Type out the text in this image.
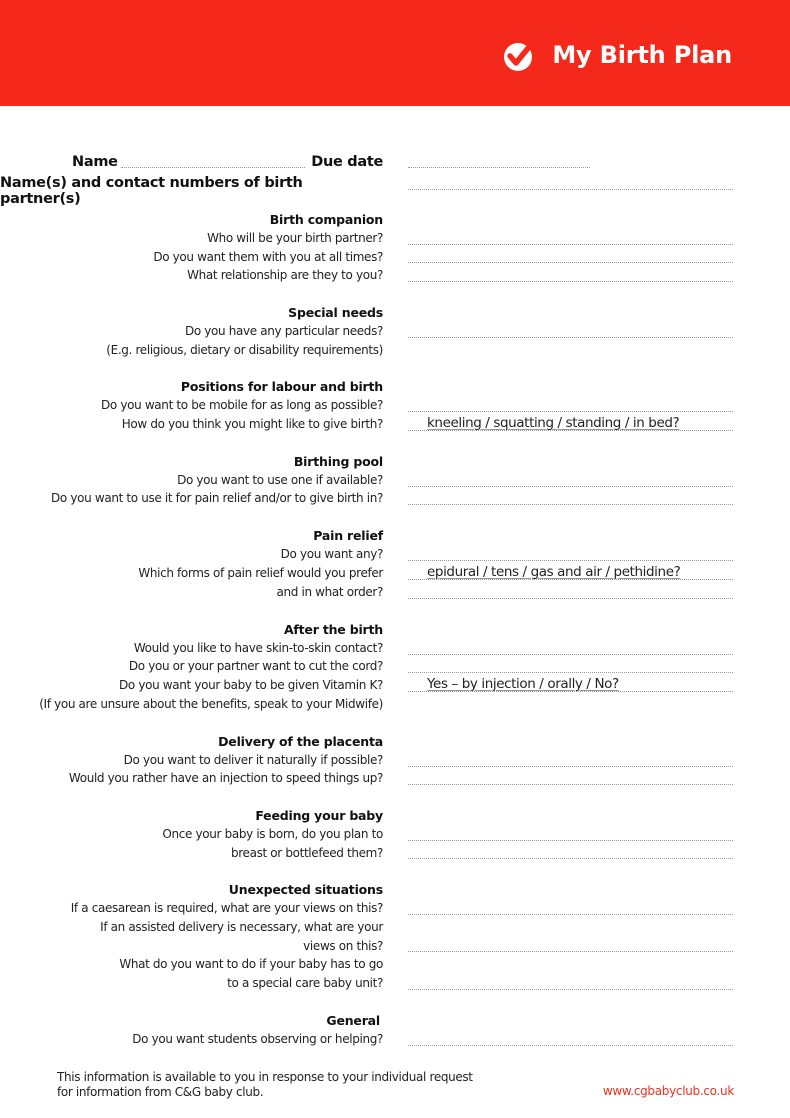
My Birth Plan
Name	Due date
Name(s) and contact numbers of birth partner(s)
Birth companion
Who will be your birth partner?
Do you want them with you at all times?
What relationship are they to you?
Special needs
Do you have any particular needs?
(E.g. religious, dietary or disability requirements)
Positions for labour and birth
Do you want to be mobile for as long as possible?
How do you think you might like to give birth?	kneeling / squatting / standing / in bed?
Birthing pool
Do you want to use one if available?
Do you want to use it for pain relief and/or to give birth in?
Pain relief
Do you want any?
Which forms of pain relief would you prefer	epidural / tens / gas and air / pethidine?
and in what order?
After the birth
Would you like to have skin-to-skin contact?
Do you or your partner want to cut the cord?
Do you want your baby to be given Vitamin K?	Yes – by injection / orally / No?
(If you are unsure about the benefits, speak to your Midwife)
Delivery of the placenta
Do you want to deliver it naturally if possible?
Would you rather have an injection to speed things up?
Feeding your baby
Once your baby is born, do you plan to
breast or bottlefeed them?
Unexpected situations
If a caesarean is required, what are your views on this?
If an assisted delivery is necessary, what are your
views on this?
What do you want to do if your baby has to go
to a special care baby unit?
General
Do you want students observing or helping?
This information is available to you in response to your individual request
for information from C&G baby club.	www.cgbabyclub.co.uk
